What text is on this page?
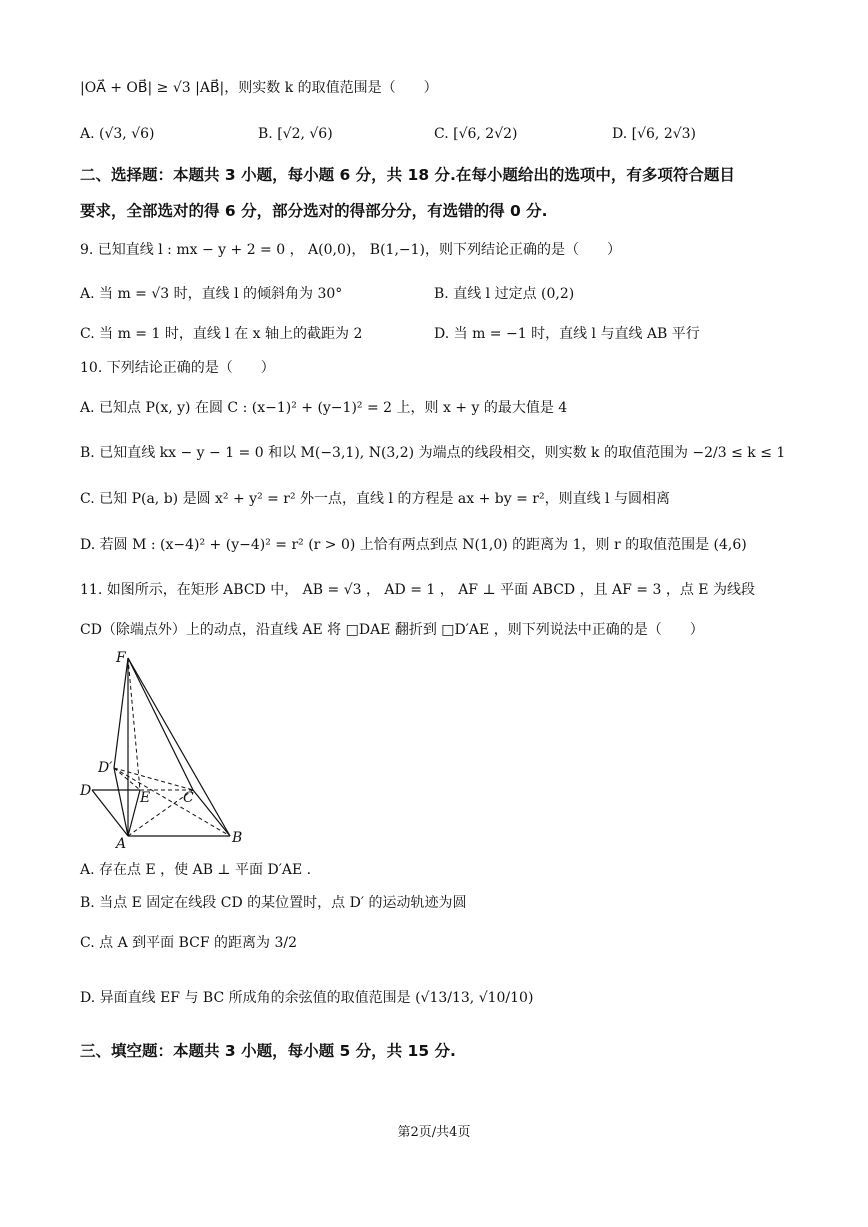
|OA⃗ + OB⃗| ≥ √3 |AB⃗|，则实数 k 的取值范围是（　　）
A. (√3, √6)	B. [√2, √6)	C. [√6, 2√2)	D. [√6, 2√3)
二、选择题：本题共 3 小题，每小题 6 分，共 18 分.在每小题给出的选项中，有多项符合题目
要求，全部选对的得 6 分，部分选对的得部分分，有选错的得 0 分.
9. 已知直线 l : mx − y + 2 = 0 ， A(0,0)， B(1,−1)，则下列结论正确的是（　　）
A. 当 m = √3 时，直线 l 的倾斜角为 30°	B. 直线 l 过定点 (0,2)
C. 当 m = 1 时，直线 l 在 x 轴上的截距为 2	D. 当 m = −1 时，直线 l 与直线 AB 平行
10. 下列结论正确的是（　　）
A. 已知点 P(x, y) 在圆 C : (x−1)² + (y−1)² = 2 上，则 x + y 的最大值是 4
B. 已知直线 kx − y − 1 = 0 和以 M(−3,1), N(3,2) 为端点的线段相交，则实数 k 的取值范围为 −2/3 ≤ k ≤ 1
C. 已知 P(a, b) 是圆 x² + y² = r² 外一点，直线 l 的方程是 ax + by = r²，则直线 l 与圆相离
D. 若圆 M : (x−4)² + (y−4)² = r² (r > 0) 上恰有两点到点 N(1,0) 的距离为 1，则 r 的取值范围是 (4,6)
11. 如图所示，在矩形 ABCD 中， AB = √3 ， AD = 1 ， AF ⊥ 平面 ABCD ，且 AF = 3 ，点 E 为线段
CD（除端点外）上的动点，沿直线 AE 将 □DAE 翻折到 □D′AE ，则下列说法中正确的是（　　）
F
D′
D	E C
A	B
A. 存在点 E ，使 AB ⊥ 平面 D′AE .
B. 当点 E 固定在线段 CD 的某位置时，点 D′ 的运动轨迹为圆
C. 点 A 到平面 BCF 的距离为 3/2
D. 异面直线 EF 与 BC 所成角的余弦值的取值范围是 (√13/13, √10/10)
三、填空题：本题共 3 小题，每小题 5 分，共 15 分.
第2页/共4页
